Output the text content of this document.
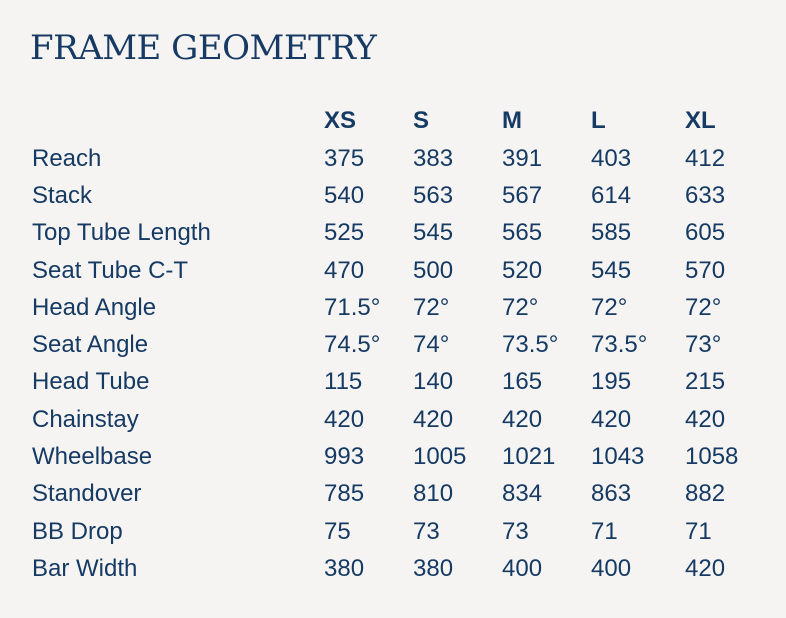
FRAME GEOMETRY
	XS	S	M	L	XL
Reach	375	383	391	403	412
Stack	540	563	567	614	633
Top Tube Length	525	545	565	585	605
Seat Tube C-T	470	500	520	545	570
Head Angle	71.5°	72°	72°	72°	72°
Seat Angle	74.5°	74°	73.5°	73.5°	73°
Head Tube	115	140	165	195	215
Chainstay	420	420	420	420	420
Wheelbase	993	1005	1021	1043	1058
Standover	785	810	834	863	882
BB Drop	75	73	73	71	71
Bar Width	380	380	400	400	420
